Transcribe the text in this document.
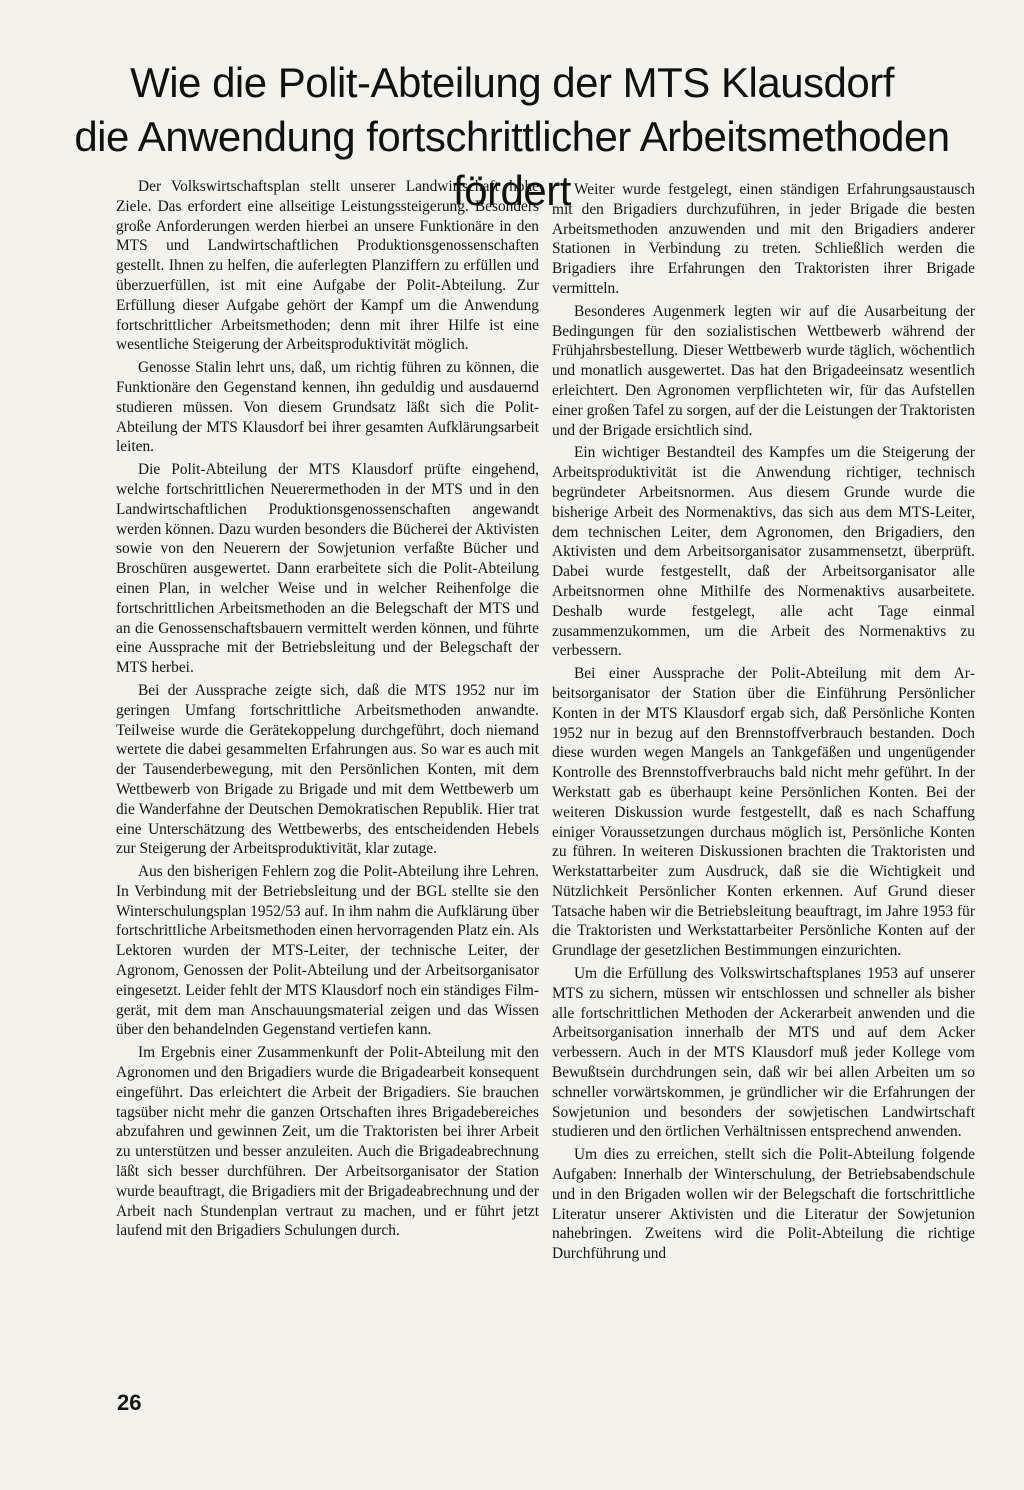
Wie die Polit-Abteilung der MTS Klausdorf
die Anwendung fortschrittlicher Arbeitsmethoden fördert

Der Volkswirtschaftsplan stellt unserer Landwirtschaft hohe Ziele. Das erfordert eine allseitige Leistungssteigerung. Besonders große Anforderungen werden hierbei an unsere Funktionäre in den MTS und Landwirtschaftlichen Produktionsgenossenschaften gestellt. Ihnen zu helfen, die auferlegten Planziffern zu erfüllen und überzuerfüllen, ist mit eine Aufgabe der Polit-Abteilung. Zur Erfüllung dieser Aufgabe gehört der Kampf um die Anwendung fortschrittlicher Arbeitsmethoden; denn mit ihrer Hilfe ist eine wesentliche Steigerung der Arbeitsproduktivität möglich.

Genosse Stalin lehrt uns, daß, um richtig führen zu können, die Funktionäre den Gegenstand kennen, ihn geduldig und ausdauernd studieren müssen. Von diesem Grundsatz läßt sich die Polit-Abteilung der MTS Klausdorf bei ihrer gesamten Aufklärungsarbeit leiten.

Die Polit-Abteilung der MTS Klausdorf prüfte eingehend, welche fortschrittlichen Neuerermethoden in der MTS und in den Landwirtschaftlichen Produktionsgenossenschaften angewandt werden können. Dazu wurden besonders die Bücherei der Aktivisten sowie von den Neuerern der Sowjetunion verfaßte Bücher und Broschüren ausgewertet. Dann erarbeitete sich die Polit-Abteilung einen Plan, in welcher Weise und in welcher Reihenfolge die fortschrittlichen Arbeitsmethoden an die Belegschaft der MTS und an die Genossenschaftsbauern vermittelt werden können, und führte eine Aussprache mit der Betriebsleitung und der Belegschaft der MTS herbei.

Bei der Aussprache zeigte sich, daß die MTS 1952 nur im geringen Umfang fortschrittliche Arbeitsmethoden anwandte. Teilweise wurde die Gerätekoppelung durchgeführt, doch niemand wertete die dabei gesammelten Erfahrungen aus. So war es auch mit der Tausenderbewegung, mit den Persönlichen Konten, mit dem Wettbewerb von Brigade zu Brigade und mit dem Wettbewerb um die Wanderfahne der Deutschen Demokratischen Republik. Hier trat eine Unterschätzung des Wettbewerbs, des entscheidenden Hebels zur Steigerung der Arbeitsproduktivität, klar zutage.

Aus den bisherigen Fehlern zog die Polit-Abteilung ihre Lehren. In Verbindung mit der Betriebsleitung und der BGL stellte sie den Winterschulungsplan 1952/53 auf. In ihm nahm die Aufklärung über fortschrittliche Arbeitsmethoden einen hervorragenden Platz ein. Als Lektoren wurden der MTS-Leiter, der technische Leiter, der Agronom, Genossen der Polit-Abteilung und der Arbeitsorganisator eingesetzt. Leider fehlt der MTS Klausdorf noch ein ständiges Filmgerät, mit dem man Anschauungsmaterial zeigen und das Wissen über den behandelnden Gegenstand vertiefen kann.

Im Ergebnis einer Zusammenkunft der Polit-Abteilung mit den Agronomen und den Brigadiers wurde die Brigadearbeit konsequent eingeführt. Das erleichtert die Arbeit der Brigadiers. Sie brauchen tagsüber nicht mehr die ganzen Ortschaften ihres Brigadebereiches abzufahren und gewinnen Zeit, um die Traktoristen bei ihrer Arbeit zu unterstützen und besser anzuleiten. Auch die Brigadeabrechnung läßt sich besser durchführen. Der Arbeitsorganisator der Station wurde beauftragt, die Brigadiers mit der Brigadeabrechnung und der Arbeit nach Stundenplan vertraut zu machen, und er führt jetzt laufend mit den Brigadiers Schulungen durch.

Weiter wurde festgelegt, einen ständigen Erfahrungsaustausch mit den Brigadiers durchzuführen, in jeder Brigade die besten Arbeitsmethoden anzuwenden und mit den Brigadiers anderer Stationen in Verbindung zu treten. Schließlich werden die Brigadiers ihre Erfahrungen den Traktoristen ihrer Brigade vermitteln.

Besonderes Augenmerk legten wir auf die Ausarbeitung der Bedingungen für den sozialistischen Wettbewerb während der Frühjahrsbestellung. Dieser Wettbewerb wurde täglich, wöchentlich und monatlich ausgewertet. Das hat den Brigadeeinsatz wesentlich erleichtert. Den Agronomen verpflichteten wir, für das Aufstellen einer großen Tafel zu sorgen, auf der die Leistungen der Traktoristen und der Brigade ersichtlich sind.

Ein wichtiger Bestandteil des Kampfes um die Steigerung der Arbeitsproduktivität ist die Anwendung richtiger, technisch begründeter Arbeitsnormen. Aus diesem Grunde wurde die bisherige Arbeit des Normenaktivs, das sich aus dem MTS-Leiter, dem technischen Leiter, dem Agronomen, den Brigadiers, den Aktivisten und dem Arbeitsorganisator zusammensetzt, überprüft. Dabei wurde festgestellt, daß der Arbeitsorganisator alle Arbeitsnormen ohne Mithilfe des Normenaktivs ausarbeitete. Deshalb wurde festgelegt, alle acht Tage einmal zusammenzukommen, um die Arbeit des Normenaktivs zu verbessern.

Bei einer Aussprache der Polit-Abteilung mit dem Arbeitsorganisator der Station über die Einführung Persönlicher Konten in der MTS Klausdorf ergab sich, daß Persönliche Konten 1952 nur in bezug auf den Brennstoffverbrauch bestanden. Doch diese wurden wegen Mangels an Tankgefäßen und ungenügender Kontrolle des Brennstoffverbrauchs bald nicht mehr geführt. In der Werkstatt gab es überhaupt keine Persönlichen Konten. Bei der weiteren Diskussion wurde festgestellt, daß es nach Schaffung einiger Voraussetzungen durchaus möglich ist, Persönliche Konten zu führen. In weiteren Diskussionen brachten die Traktoristen und Werkstattarbeiter zum Ausdruck, daß sie die Wichtigkeit und Nützlichkeit Persönlicher Konten erkennen. Auf Grund dieser Tatsache haben wir die Betriebsleitung beauftragt, im Jahre 1953 für die Traktoristen und Werkstattarbeiter Persönliche Konten auf der Grundlage der gesetzlichen Bestimmungen einzurichten.

Um die Erfüllung des Volkswirtschaftsplanes 1953 auf unserer MTS zu sichern, müssen wir entschlossen und schneller als bisher alle fortschrittlichen Methoden der Ackerarbeit anwenden und die Arbeitsorganisation innerhalb der MTS und auf dem Acker verbessern. Auch in der MTS Klausdorf muß jeder Kollege vom Bewußtsein durchdrungen sein, daß wir bei allen Arbeiten um so schneller vorwärtskommen, je gründlicher wir die Erfahrungen der Sowjetunion und besonders der sowjetischen Landwirtschaft studieren und den örtlichen Verhältnissen entsprechend anwenden.

Um dies zu erreichen, stellt sich die Polit-Abteilung folgende Aufgaben: Innerhalb der Winterschulung, der Betriebsabendschule und in den Brigaden wollen wir der Belegschaft die fortschrittliche Literatur unserer Aktivisten und die Literatur der Sowjetunion nahebringen. Zweitens wird die Polit-Abteilung die richtige Durchführung und

26
